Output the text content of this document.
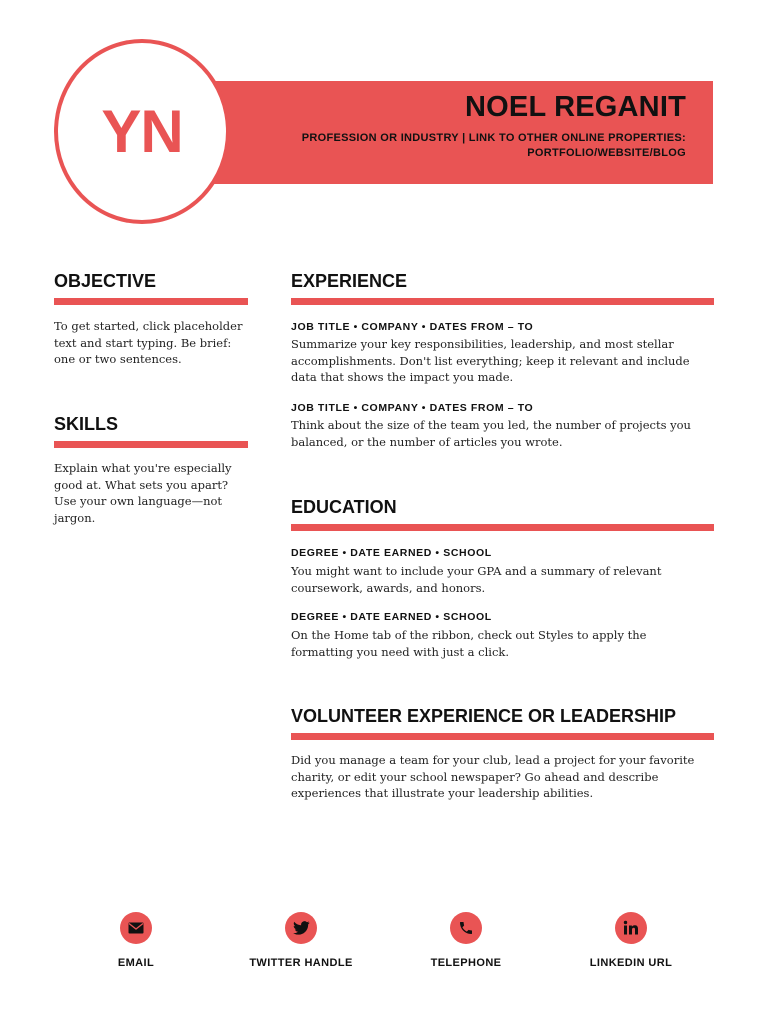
NOEL REGANIT
PROFESSION OR INDUSTRY | LINK TO OTHER ONLINE PROPERTIES: PORTFOLIO/WEBSITE/BLOG
YN
OBJECTIVE
To get started, click placeholder text and start typing. Be brief: one or two sentences.
SKILLS
Explain what you're especially good at. What sets you apart? Use your own language—not jargon.
EXPERIENCE
JOB TITLE • COMPANY • DATES FROM – TO
Summarize your key responsibilities, leadership, and most stellar accomplishments. Don't list everything; keep it relevant and include data that shows the impact you made.
JOB TITLE • COMPANY • DATES FROM – TO
Think about the size of the team you led, the number of projects you balanced, or the number of articles you wrote.
EDUCATION
DEGREE • DATE EARNED • SCHOOL
You might want to include your GPA and a summary of relevant coursework, awards, and honors.
DEGREE • DATE EARNED • SCHOOL
On the Home tab of the ribbon, check out Styles to apply the formatting you need with just a click.
VOLUNTEER EXPERIENCE OR LEADERSHIP
Did you manage a team for your club, lead a project for your favorite charity, or edit your school newspaper? Go ahead and describe experiences that illustrate your leadership abilities.
EMAIL	TWITTER HANDLE	TELEPHONE	LINKEDIN URL
